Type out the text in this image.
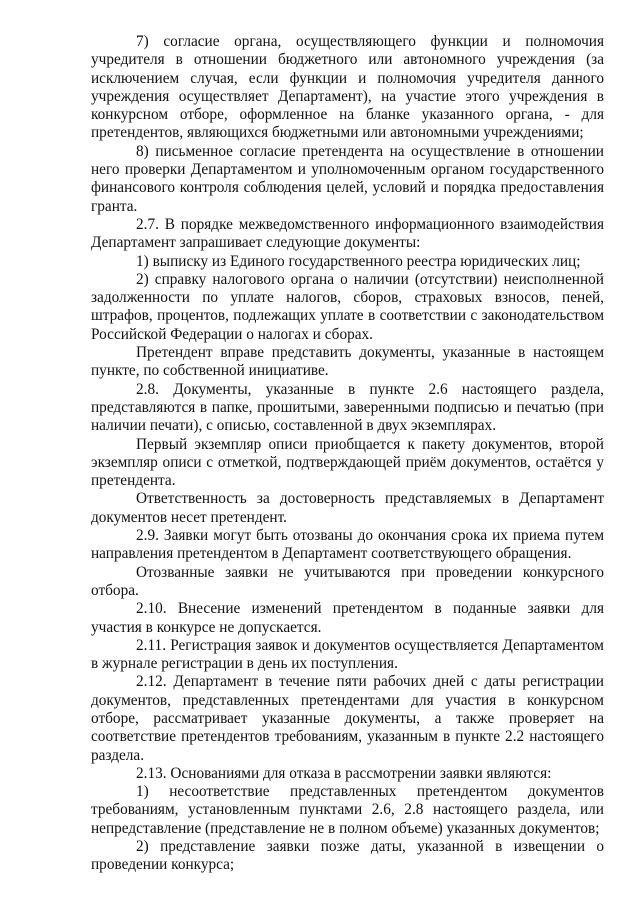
7) согласие органа, осуществляющего функции и полномочия учредителя в отношении бюджетного или автономного учреждения (за исключением случая, если функции и полномочия учредителя данного учреждения осуществляет Департамент), на участие этого учреждения в конкурсном отборе, оформленное на бланке указанного органа, - для претендентов, являющихся бюджетными или автономными учреждениями;

8) письменное согласие претендента на осуществление в отношении него проверки Департаментом и уполномоченным органом государственного финансового контроля соблюдения целей, условий и порядка предоставления гранта.

2.7. В порядке межведомственного информационного взаимодействия Департамент запрашивает следующие документы:

1) выписку из Единого государственного реестра юридических лиц;

2) справку налогового органа о наличии (отсутствии) неисполненной задолженности по уплате налогов, сборов, страховых взносов, пеней, штрафов, процентов, подлежащих уплате в соответствии с законодательством Российской Федерации о налогах и сборах.

Претендент вправе представить документы, указанные в настоящем пункте, по собственной инициативе.

2.8. Документы, указанные в пункте 2.6 настоящего раздела, представляются в папке, прошитыми, заверенными подписью и печатью (при наличии печати), с описью, составленной в двух экземплярах.

Первый экземпляр описи приобщается к пакету документов, второй экземпляр описи с отметкой, подтверждающей приём документов, остаётся у претендента.

Ответственность за достоверность представляемых в Департамент документов несет претендент.

2.9. Заявки могут быть отозваны до окончания срока их приема путем направления претендентом в Департамент соответствующего обращения.

Отозванные заявки не учитываются при проведении конкурсного отбора.

2.10. Внесение изменений претендентом в поданные заявки для участия в конкурсе не допускается.

2.11. Регистрация заявок и документов осуществляется Департаментом в журнале регистрации в день их поступления.

2.12. Департамент в течение пяти рабочих дней с даты регистрации документов, представленных претендентами для участия в конкурсном отборе, рассматривает указанные документы, а также проверяет на соответствие претендентов требованиям, указанным в пункте 2.2 настоящего раздела.

2.13. Основаниями для отказа в рассмотрении заявки являются:

1) несоответствие представленных претендентом документов требованиям, установленным пунктами 2.6, 2.8 настоящего раздела, или непредставление (представление не в полном объеме) указанных документов;

2) представление заявки позже даты, указанной в извещении о проведении конкурса;
